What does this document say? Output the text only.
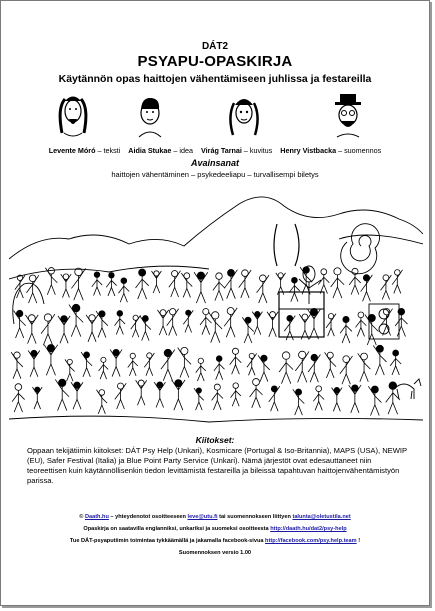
DÁT2
PSYAPU-OPASKIRJA
Käytännön opas haittojen vähentämiseen juhlissa ja festareilla
Levente Móró – teksti Aidia Stukae – idea Virág Tarnai – kuvitus Henry Vistbacka – suomennos
Avainsanat
haittojen vähentäminen – psykedeeliapu – turvallisempi biletys
Kiitokset:
Oppaan tekijätiimin kiitokset: DÁT Psy Help (Unkari), Kosmicare (Portugal & Iso-Britannia), MAPS (USA), NEWIP (EU), Safer Festival (Italia) ja Blue Point Party Service (Unkari). Nämä järjestöt ovat edesauttaneet niin teoreettisen kuin käytännöllisenkin tiedon levittämistä festareilla ja bileissä tapahtuvan haittojenvähentämistyön parissa.
© Daath.hu – yhteydenotot osoitteeseen leve@utu.fi tai suomennokseen liittyen talunta@oletustila.net
Opaskirja on saatavilla englanniksi, unkariksi ja suomeksi osoitteesta http://daath.hu/dat2/psy-help
Tue DÁT-psyaputiimin toimintaa tykkäämällä ja jakamalla facebook-sivua http://facebook.com/psy.help.team !
Suomennoksen versio 1.00
